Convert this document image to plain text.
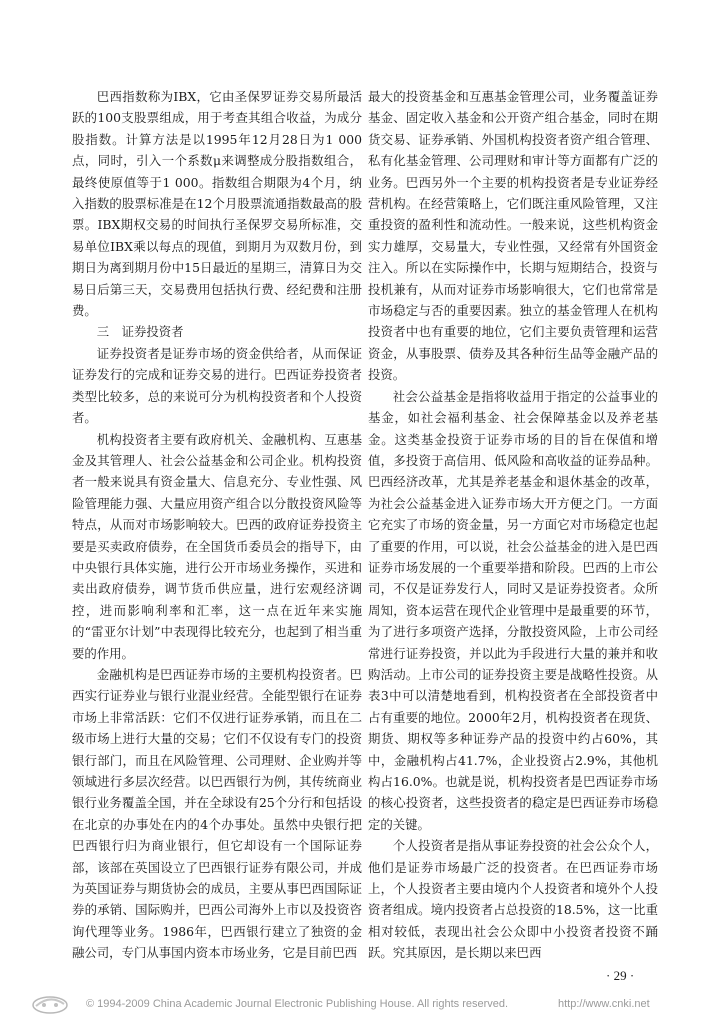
巴西指数称为IBX，它由圣保罗证券交易所最活跃的100支股票组成，用于考查其组合收益，为成分股指数。计算方法是以1995年12月28日为1 000点，同时，引入一个系数μ来调整成分股指数组合，最终使原值等于1 000。指数组合期限为4个月，纳入指数的股票标准是在12个月股票流通指数最高的股票。IBX期权交易的时间执行圣保罗交易所标准，交易单位IBX乘以每点的现值，到期月为双数月份，到期日为离到期月份中15日最近的星期三，清算日为交易日后第三天，交易费用包括执行费、经纪费和注册费。

三　证券投资者

证券投资者是证券市场的资金供给者，从而保证证券发行的完成和证券交易的进行。巴西证券投资者类型比较多，总的来说可分为机构投资者和个人投资者。

机构投资者主要有政府机关、金融机构、互惠基金及其管理人、社会公益基金和公司企业。机构投资者一般来说具有资金量大、信息充分、专业性强、风险管理能力强、大量应用资产组合以分散投资风险等特点，从而对市场影响较大。巴西的政府证券投资主要是买卖政府债券，在全国货币委员会的指导下，由中央银行具体实施，进行公开市场业务操作，买进和卖出政府债券，调节货币供应量，进行宏观经济调控，进而影响利率和汇率，这一点在近年来实施的“雷亚尔计划”中表现得比较充分，也起到了相当重要的作用。

金融机构是巴西证券市场的主要机构投资者。巴西实行证券业与银行业混业经营。全能型银行在证券市场上非常活跃：它们不仅进行证券承销，而且在二级市场上进行大量的交易；它们不仅设有专门的投资银行部门，而且在风险管理、公司理财、企业购并等领域进行多层次经营。以巴西银行为例，其传统商业银行业务覆盖全国，并在全球设有25个分行和包括设在北京的办事处在内的4个办事处。虽然中央银行把巴西银行归为商业银行，但它却设有一个国际证券部，该部在英国设立了巴西银行证券有限公司，并成为英国证券与期货协会的成员，主要从事巴西国际证券的承销、国际购并，巴西公司海外上市以及投资咨询代理等业务。1986年，巴西银行建立了独资的金融公司，专门从事国内资本市场业务，它是目前巴西

最大的投资基金和互惠基金管理公司，业务覆盖证券基金、固定收入基金和公开资产组合基金，同时在期货交易、证券承销、外国机构投资者资产组合管理、私有化基金管理、公司理财和审计等方面都有广泛的业务。巴西另外一个主要的机构投资者是专业证券经营机构。在经营策略上，它们既注重风险管理，又注重投资的盈利性和流动性。一般来说，这些机构资金实力雄厚，交易量大，专业性强，又经常有外国资金注入。所以在实际操作中，长期与短期结合，投资与投机兼有，从而对证券市场影响很大，它们也常常是市场稳定与否的重要因素。独立的基金管理人在机构投资者中也有重要的地位，它们主要负责管理和运营资金，从事股票、债券及其各种衍生品等金融产品的投资。

社会公益基金是指将收益用于指定的公益事业的基金，如社会福利基金、社会保障基金以及养老基金。这类基金投资于证券市场的目的旨在保值和增值，多投资于高信用、低风险和高收益的证券品种。巴西经济改革，尤其是养老基金和退休基金的改革，为社会公益基金进入证券市场大开方便之门。一方面它充实了市场的资金量，另一方面它对市场稳定也起了重要的作用，可以说，社会公益基金的进入是巴西证券市场发展的一个重要举措和阶段。巴西的上市公司，不仅是证券发行人，同时又是证券投资者。众所周知，资本运营在现代企业管理中是最重要的环节，为了进行多项资产选择，分散投资风险，上市公司经常进行证券投资，并以此为手段进行大量的兼并和收购活动。上市公司的证券投资主要是战略性投资。从表3中可以清楚地看到，机构投资者在全部投资者中占有重要的地位。2000年2月，机构投资者在现货、期货、期权等多种证券产品的投资中约占60%，其中，金融机构占41.7%，企业投资占2.9%，其他机构占16.0%。也就是说，机构投资者是巴西证券市场的核心投资者，这些投资者的稳定是巴西证券市场稳定的关键。

个人投资者是指从事证券投资的社会公众个人，他们是证券市场最广泛的投资者。在巴西证券市场上，个人投资者主要由境内个人投资者和境外个人投资者组成。境内投资者占总投资的18.5%，这一比重相对较低，表现出社会公众即中小投资者投资不踊跃。究其原因，是长期以来巴西

· 29 ·
© 1994-2009 China Academic Journal Electronic Publishing House. All rights reserved.	http://www.cnki.net
